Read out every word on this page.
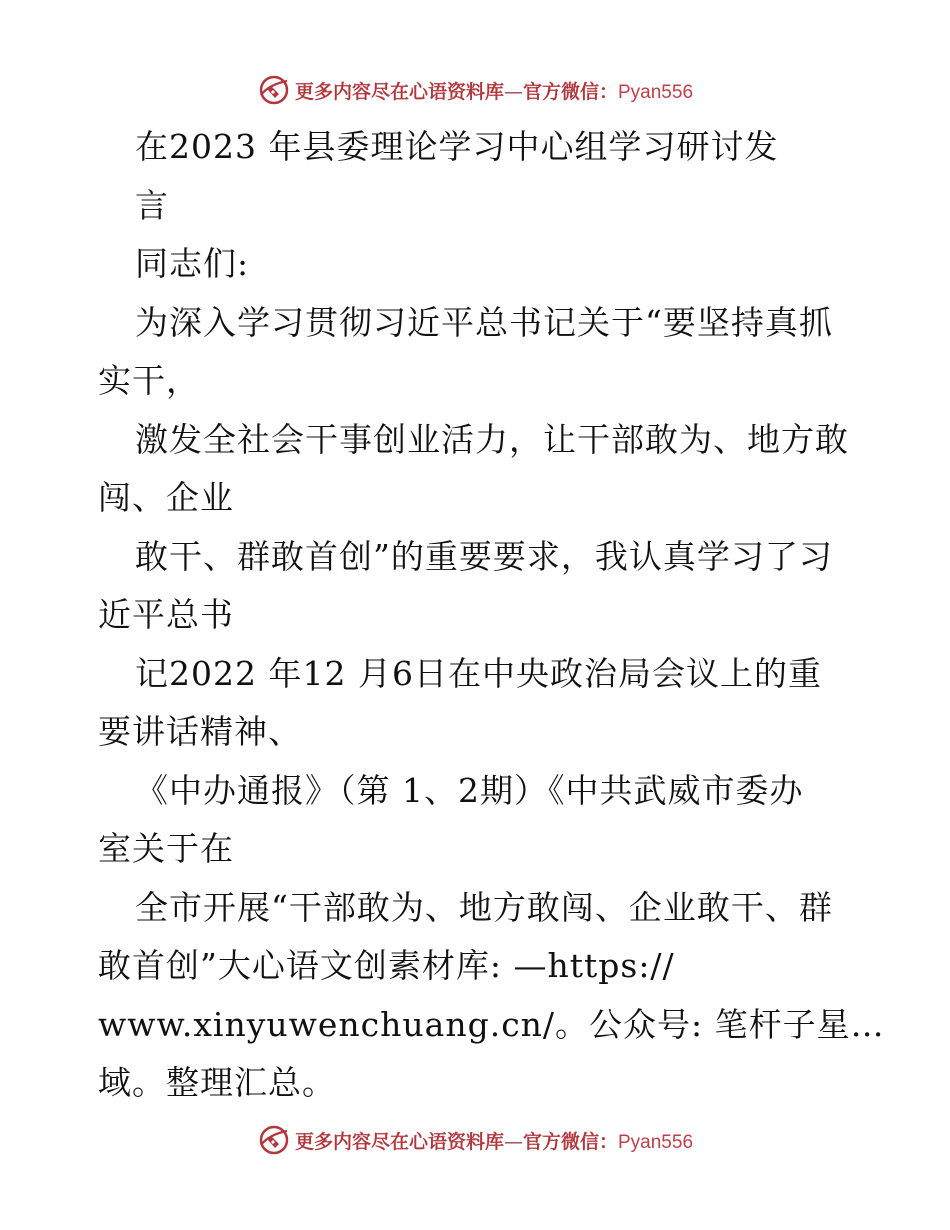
更多内容尽在心语资料库—官方微信：Pyan556
在2023 年县委理论学习中心组学习研讨发
言
同志们:
为深入学习贯彻习近平总书记关于“要坚持真抓
实干，
激发全社会干事创业活力，让干部敢为、地方敢
闯、企业
敢干、群敢首创”的重要要求，我认真学习了习
近平总书
记2022 年12 月6日在中央政治局会议上的重
要讲话精神、
《中办通报》（第 1、2期）《中共武威市委办
室关于在
全市开展“干部敢为、地方敢闯、企业敢干、群
敢首创”大心语文创素材库: —https://
www.xinyuwenchuang.cn/。公众号: 笔杆子星…
域。整理汇总。
更多内容尽在心语资料库—官方微信：Pyan556
